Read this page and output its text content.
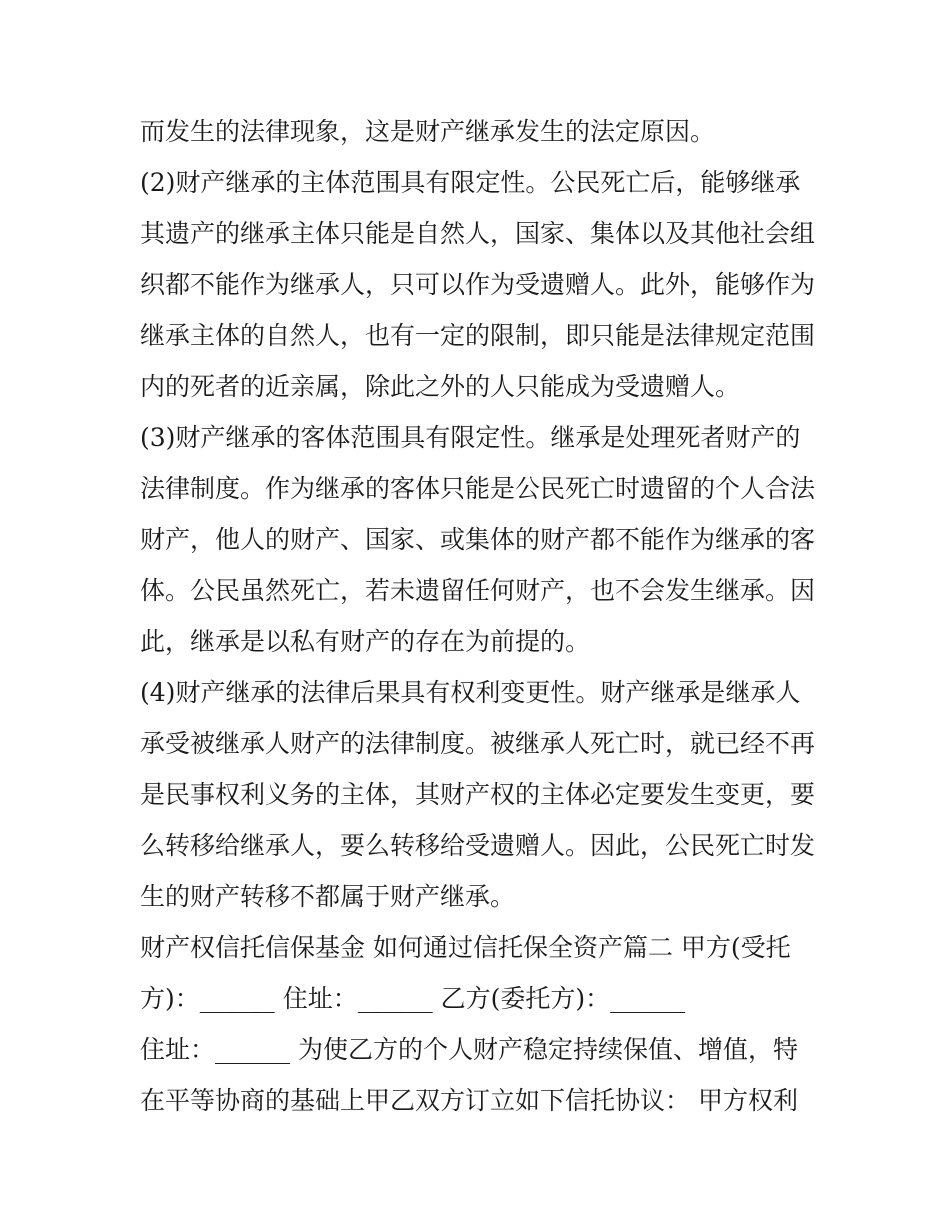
而发生的法律现象，这是财产继承发生的法定原因。
(2)财产继承的主体范围具有限定性。公民死亡后，能够继承
其遗产的继承主体只能是自然人，国家、集体以及其他社会组
织都不能作为继承人，只可以作为受遗赠人。此外，能够作为
继承主体的自然人，也有一定的限制，即只能是法律规定范围
内的死者的近亲属，除此之外的人只能成为受遗赠人。
(3)财产继承的客体范围具有限定性。继承是处理死者财产的
法律制度。作为继承的客体只能是公民死亡时遗留的个人合法
财产，他人的财产、国家、或集体的财产都不能作为继承的客
体。公民虽然死亡，若未遗留任何财产，也不会发生继承。因
此，继承是以私有财产的存在为前提的。
(4)财产继承的法律后果具有权利变更性。财产继承是继承人
承受被继承人财产的法律制度。被继承人死亡时，就已经不再
是民事权利义务的主体，其财产权的主体必定要发生变更，要
么转移给继承人，要么转移给受遗赠人。因此，公民死亡时发
生的财产转移不都属于财产继承。
财产权信托信保基金 如何通过信托保全资产篇二 甲方(受托
方)：______ 住址：______ 乙方(委托方)：______
住址：______ 为使乙方的个人财产稳定持续保值、增值，特
在平等协商的基础上甲乙双方订立如下信托协议： 甲方权利
